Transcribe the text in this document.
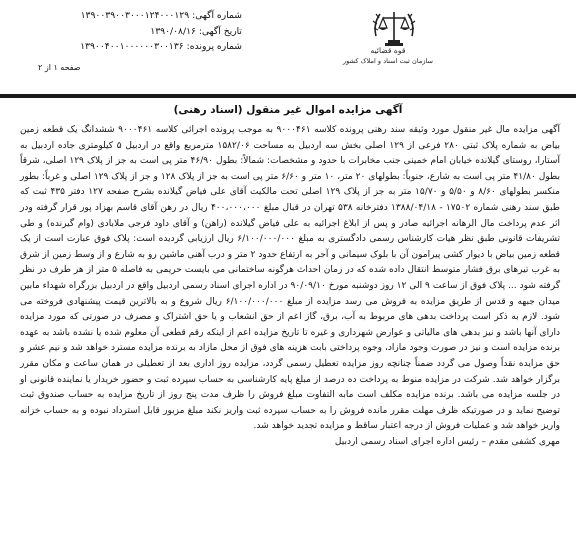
شماره آگهی: ۱۳۹۰۰۳۹۰۰۳۰۰۰۱۲۴۰۰۰۱۲۹
تاریخ آگهی: ۱۳۹۰/۰۸/۱۶
شماره پرونده: ۱۳۹۰۰۴۰۰۱۰۰۰۰۰۰۳۰۰۱۳۶	قوه قضائیه
سازمان ثبت اسناد و املاک کشور
صفحه ۱ از ۲
آگهی مزایده اموال غیر منقول (اسناد رهنی)
آگهی مزایده مال غیر منقول مورد وثیقه سند رهنی پرونده کلاسه ۹۰۰۰۴۶۱ به موجب پرونده اجرائی کلاسه ۹۰۰۰۴۶۱ ششدانگ یک قطعه زمین بیاض به شماره پلاک ثبتی ۲۸۰ فرعی از ۱۲۹ اصلی بخش سه اردبیل به مساحت ۱۵۸۲/۰۶ مترمربع واقع در اردبیل ۵ کیلومتری جاده اردبیل به آستارا، روستای گیلانده خیابان امام خمینی جنب مخابرات با حدود و مشخصات: شمالاً: بطول ۴۶/۹۰ متر پی است به جز از پلاک ۱۲۹ اصلی، شرقاً بطول ۴۱/۸۰ متر پی است به شارع، جنوباً: بطولهای ۲۰ متر، ۱۰ متر و ۶/۶۰ متر پی است به جز از پلاک ۱۲۸ و جز از پلاک ۱۲۹ اصلی و غرباً: بطور منکسر بطولهای ۸/۶۰ و ۵/۵۰ و ۱۵/۷۰ متر به جز از پلاک ۱۲۹ اصلی تحت مالکیت آقای علی فیاض گیلانده بشرح صفحه ۱۲۷ دفتر ۴۳۵ ثبت که طبق سند رهنی شماره ۱۷۵۰۲ - ۱۳۸۸/۰۴/۱۸ دفترخانه ۵۳۸ تهران در قبال مبلغ ۴۰۰،۰۰۰،۰۰۰ ریال در رهن آقای قاسم بهزاد پور قرار گرفته ودر اثر عدم پرداخت مال الرهانه اجرائیه صادر و پس از ابلاغ اجرائیه به علی فیاض گیلانده (راهن) و آقای داود فرجی ملابادی (وام گیرنده) و طی تشریفات قانونی طبق نظر هیات کارشناس رسمی دادگستری به مبلغ ۶/۱۰۰/۰۰۰/۰۰۰ ریال ارزیابی گردیده است: پلاک فوق عبارت است از یک قطعه زمین بیاض با دیوار کشی پیرامون آن با بلوک سیمانی و آجر به ارتفاع حدود ۲ متر و درب آهنی ماشین رو به شارع و از وسط زمین از شرق به غرب تیرهای برق فشار متوسط انتقال داده شده که در زمان احداث هرگونه ساختمانی می بایست حریمی به فاصله ۵ متر از هر طرف در نظر گرفته شود ... پلاک فوق از ساعت ۹ الی ۱۲ روز دوشنبه مورخ ۹۰/۰۹/۱۰ در اداره اجرای اسناد رسمی اردبیل واقع در اردبیل بزرگراه شهداء مابین میدان جبهه و قدس از طریق مزایده به فروش می رسد مزایده از مبلغ ۶/۱۰۰/۰۰۰/۰۰۰ ریال شروع و به بالاترین قیمت پیشنهادی فروخته می شود. لازم به ذکر است پرداخت بدهی های مربوط به آب، برق، گاز اعم از حق انشعاب و یا حق اشتراک و مصرف در صورتی که مورد مزایده دارای آنها باشد و نیز بدهی های مالیاتی و عوارض شهرداری و غیره تا تاریخ مزایده اعم از اینکه رقم قطعی آن معلوم شده یا نشده باشد به عهده برنده مزایده است و نیز در صورت وجود مازاد، وجوه پرداختی بابت هزینه های فوق از محل مازاد به برنده مزایده مسترد خواهد شد و نیم عشر و حق مزایده نقداً وصول می گردد ضمناً چنانچه روز مزایده تعطیل رسمی گردد، مزایده روز اداری بعد از تعطیلی در همان ساعت و مکان مقرر برگزار خواهد شد. شرکت در مزایده منوط به پرداخت ده درصد از مبلغ پایه کارشناسی به حساب سپرده ثبت و حضور خریدار یا نماینده قانونی او در جلسه مزایده می باشد. برنده مزایده مکلف است مابه التفاوت مبلغ فروش را ظرف مدت پنج روز از تاریخ مزایده به حساب صندوق ثبت توضیح نماید و در صورتیکه ظرف مهلت مقرر مانده فروش را به حساب سپرده ثبت واریز نکند مبلغ مزبور قابل استرداد نبوده و به حساب خزانه واریز خواهد شد و عملیات فروش از درجه اعتبار ساقط و مزایده تجدید خواهد شد.
مهری کشفی مقدم – رئیس اداره اجرای اسناد رسمی اردبیل
